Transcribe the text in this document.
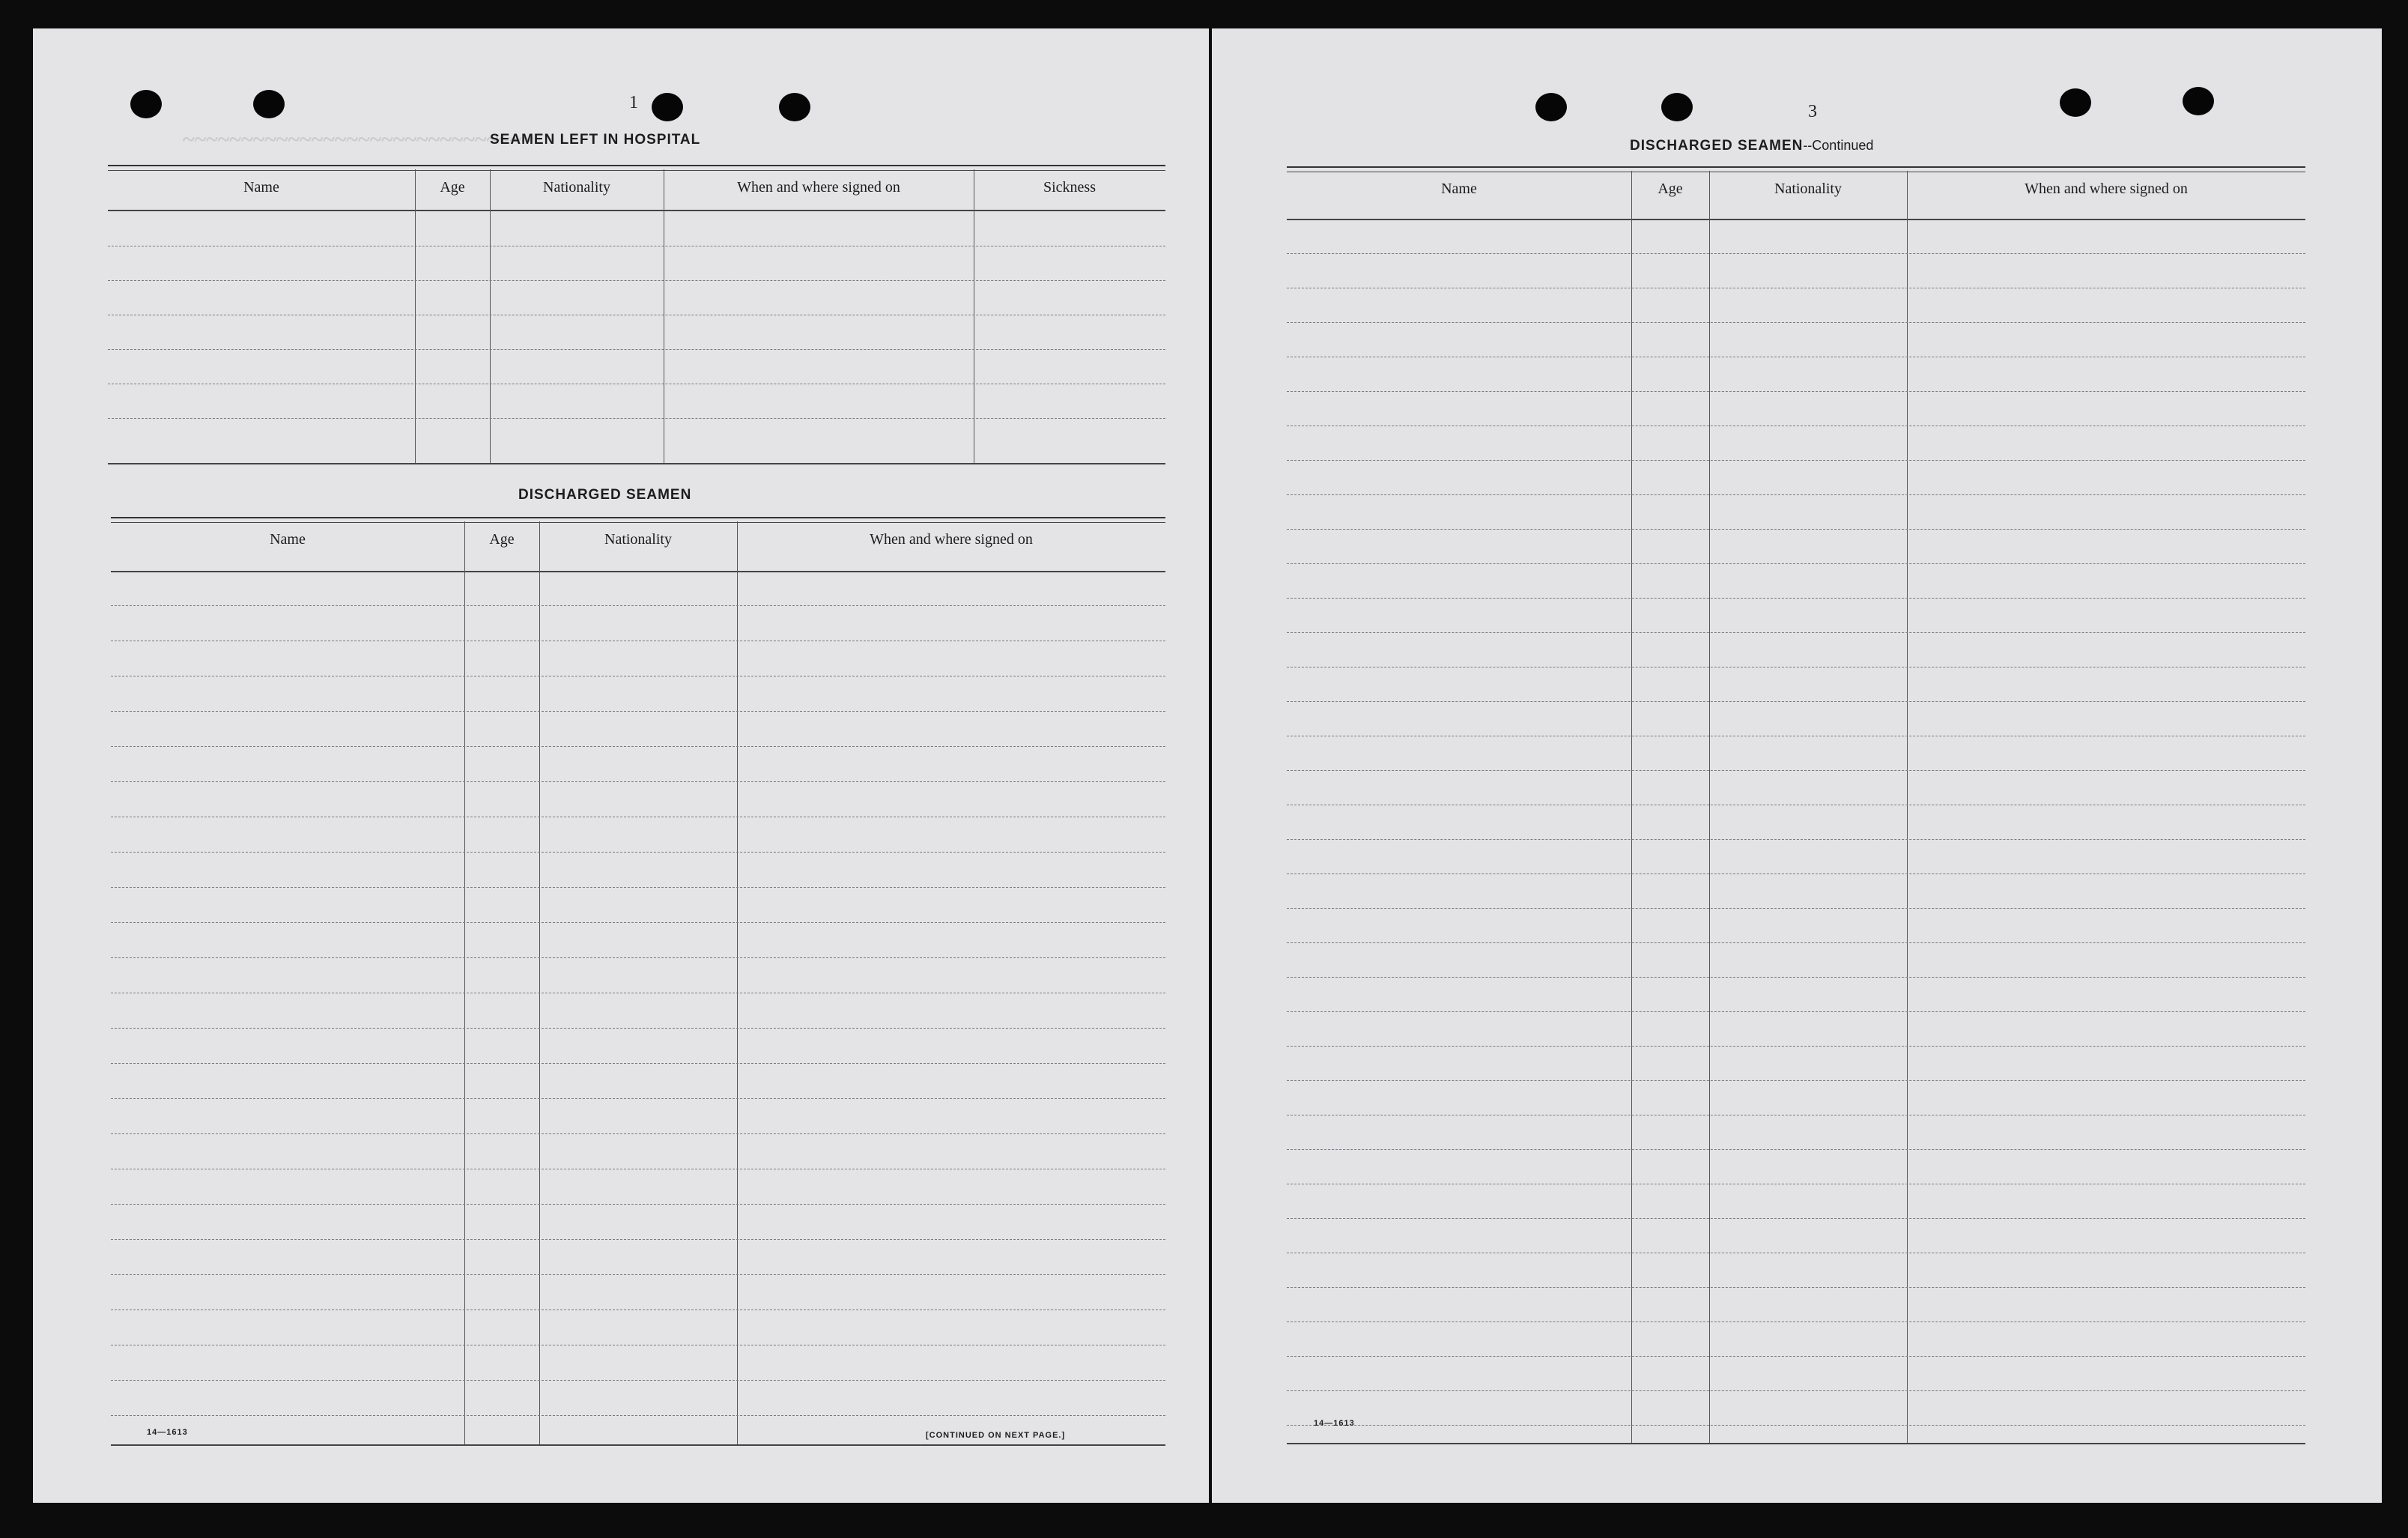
~~~~~~~~~~~~~~~~~~~~~~~~~~~~~~
1
SEAMEN LEFT IN HOSPITAL
Name	Age	Nationality	When and where signed on	Sickness
DISCHARGED SEAMEN
Name	Age	Nationality	When and where signed on
14—1613	[CONTINUED ON NEXT PAGE.]
3
DISCHARGED SEAMEN--Continued
Name	Age	Nationality	When and where signed on
14—1613
